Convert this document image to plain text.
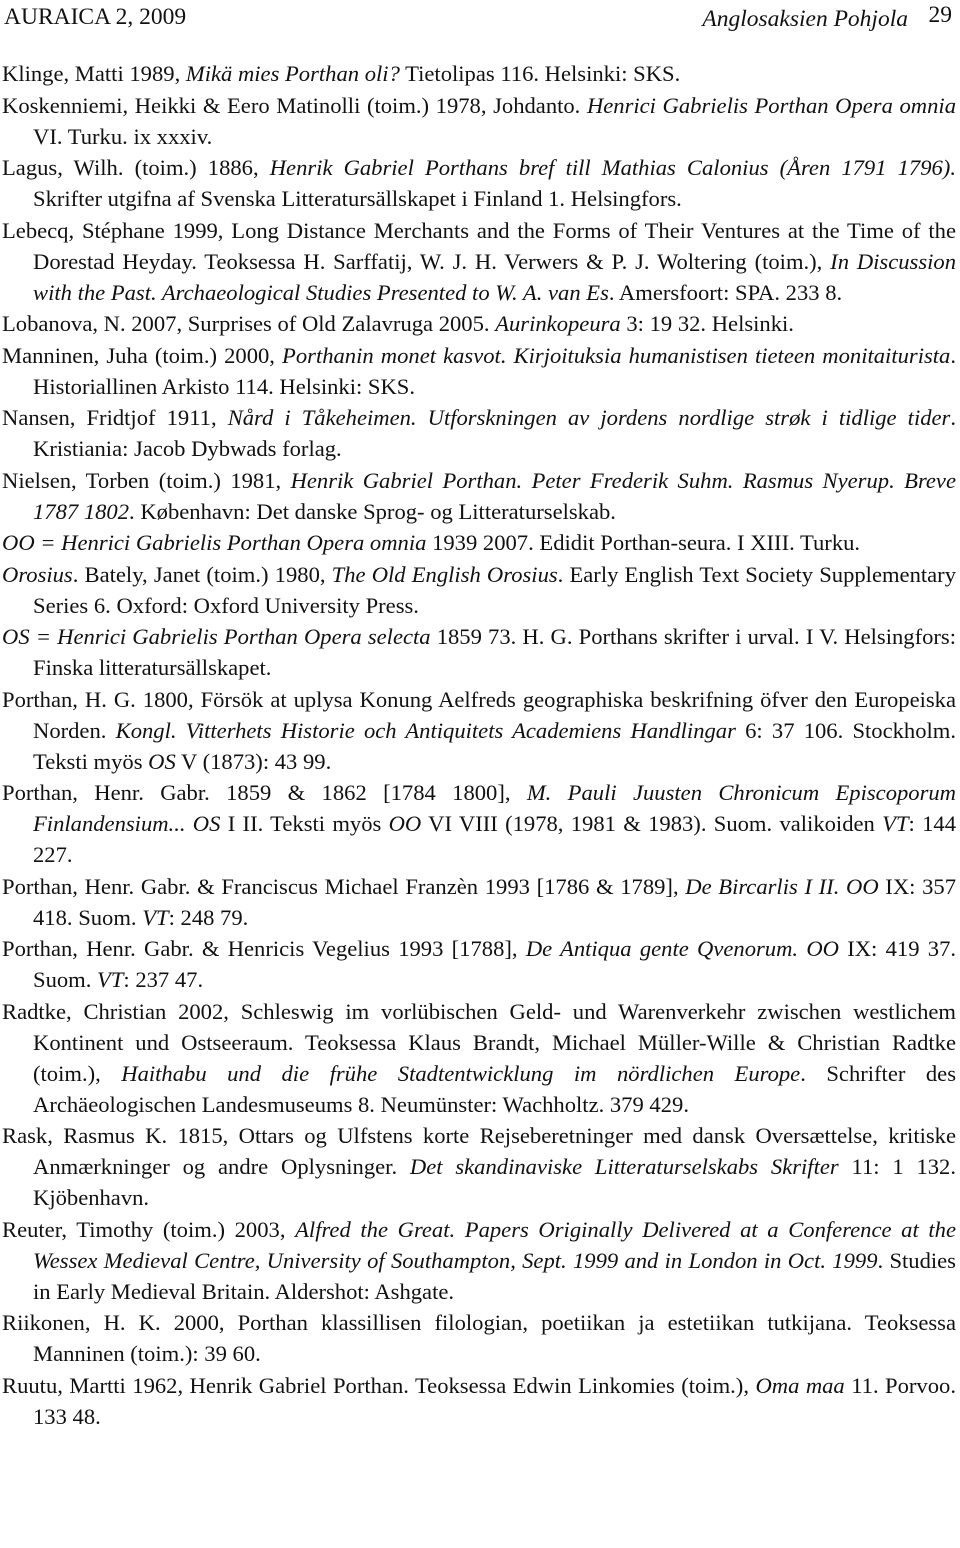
AURAICA 2, 2009	Anglosaksien Pohjola 29
Klinge, Matti 1989, Mikä mies Porthan oli? Tietolipas 116. Helsinki: SKS.
Koskenniemi, Heikki & Eero Matinolli (toim.) 1978, Johdanto. Henrici Gabrielis Porthan Opera omnia VI. Turku. ix xxxiv.
Lagus, Wilh. (toim.) 1886, Henrik Gabriel Porthans bref till Mathias Calonius (Åren 1791 1796). Skrifter utgifna af Svenska Litteratursällskapet i Finland 1. Helsingfors.
Lebecq, Stéphane 1999, Long Distance Merchants and the Forms of Their Ventures at the Time of the Dorestad Heyday. Teoksessa H. Sarffatij, W. J. H. Verwers & P. J. Woltering (toim.), In Discussion with the Past. Archaeological Studies Presented to W. A. van Es. Amersfoort: SPA. 233 8.
Lobanova, N. 2007, Surprises of Old Zalavruga 2005. Aurinkopeura 3: 19 32. Helsinki.
Manninen, Juha (toim.) 2000, Porthanin monet kasvot. Kirjoituksia humanistisen tieteen monitaiturista. Historiallinen Arkisto 114. Helsinki: SKS.
Nansen, Fridtjof 1911, Nård i Tåkeheimen. Utforskningen av jordens nordlige strøk i tidlige tider. Kristiania: Jacob Dybwads forlag.
Nielsen, Torben (toim.) 1981, Henrik Gabriel Porthan. Peter Frederik Suhm. Rasmus Nyerup. Breve 1787 1802. København: Det danske Sprog- og Litteraturselskab.
OO = Henrici Gabrielis Porthan Opera omnia 1939 2007. Edidit Porthan-seura. I XIII. Turku.
Orosius. Bately, Janet (toim.) 1980, The Old English Orosius. Early English Text Society Supplementary Series 6. Oxford: Oxford University Press.
OS = Henrici Gabrielis Porthan Opera selecta 1859 73. H. G. Porthans skrifter i urval. I V. Helsingfors: Finska litteratursällskapet.
Porthan, H. G. 1800, Försök at uplysa Konung Aelfreds geographiska beskrifning öfver den Europeiska Norden. Kongl. Vitterhets Historie och Antiquitets Academiens Handlingar 6: 37 106. Stockholm. Teksti myös OS V (1873): 43 99.
Porthan, Henr. Gabr. 1859 & 1862 [1784 1800], M. Pauli Juusten Chronicum Episcoporum Finlandensium... OS I II. Teksti myös OO VI VIII (1978, 1981 & 1983). Suom. valikoiden VT: 144 227.
Porthan, Henr. Gabr. & Franciscus Michael Franzèn 1993 [1786 & 1789], De Bircarlis I II. OO IX: 357 418. Suom. VT: 248 79.
Porthan, Henr. Gabr. & Henricis Vegelius 1993 [1788], De Antiqua gente Qvenorum. OO IX: 419 37. Suom. VT: 237 47.
Radtke, Christian 2002, Schleswig im vorlübischen Geld- und Warenverkehr zwischen westlichem Kontinent und Ostseeraum. Teoksessa Klaus Brandt, Michael Müller-Wille & Christian Radtke (toim.), Haithabu und die frühe Stadtentwicklung im nördlichen Europe. Schrifter des Archäeologischen Landesmuseums 8. Neumünster: Wachholtz. 379 429.
Rask, Rasmus K. 1815, Ottars og Ulfstens korte Rejseberetninger med dansk Oversættelse, kritiske Anmærkninger og andre Oplysninger. Det skandinaviske Litteraturselskabs Skrifter 11: 1 132. Kjöbenhavn.
Reuter, Timothy (toim.) 2003, Alfred the Great. Papers Originally Delivered at a Conference at the Wessex Medieval Centre, University of Southampton, Sept. 1999 and in London in Oct. 1999. Studies in Early Medieval Britain. Aldershot: Ashgate.
Riikonen, H. K. 2000, Porthan klassillisen filologian, poetiikan ja estetiikan tutkijana. Teoksessa Manninen (toim.): 39 60.
Ruutu, Martti 1962, Henrik Gabriel Porthan. Teoksessa Edwin Linkomies (toim.), Oma maa 11. Porvoo. 133 48.
